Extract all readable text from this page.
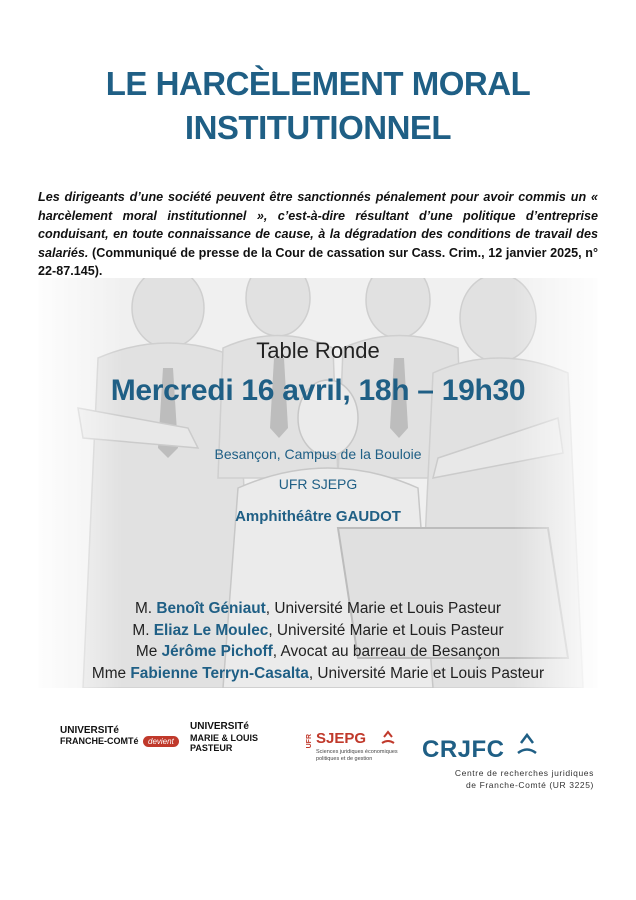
LE HARCÈLEMENT MORAL
INSTITUTIONNEL
Les dirigeants d’une société peuvent être sanctionnés pénalement pour avoir commis un « harcèlement moral institutionnel », c’est-à-dire résultant d’une politique d’entreprise conduisant, en toute connaissance de cause, à la dégradation des conditions de travail des salariés. (Communiqué de presse de la Cour de cassation sur Cass. Crim., 12 janvier 2025, n° 22-87.145).
Table Ronde
Mercredi 16 avril, 18h – 19h30
Besançon, Campus de la Bouloie
UFR SJEPG
Amphithéâtre GAUDOT
M. Benoît Géniaut, Université Marie et Louis Pasteur
M. Eliaz Le Moulec, Université Marie et Louis Pasteur
Me Jérôme Pichoff, Avocat au barreau de Besançon
Mme Fabienne Terryn-Casalta, Université Marie et Louis Pasteur
UNIVERSITé
FRANCHE-COMTé	devient
UNIVERSITé
MARIE & LOUIS
PASTEUR	UFR SJEPG
Sciences juridiques économiques
politiques et de gestion CRJFC
Centre de recherches juridiques
de Franche-Comté (UR 3225)
